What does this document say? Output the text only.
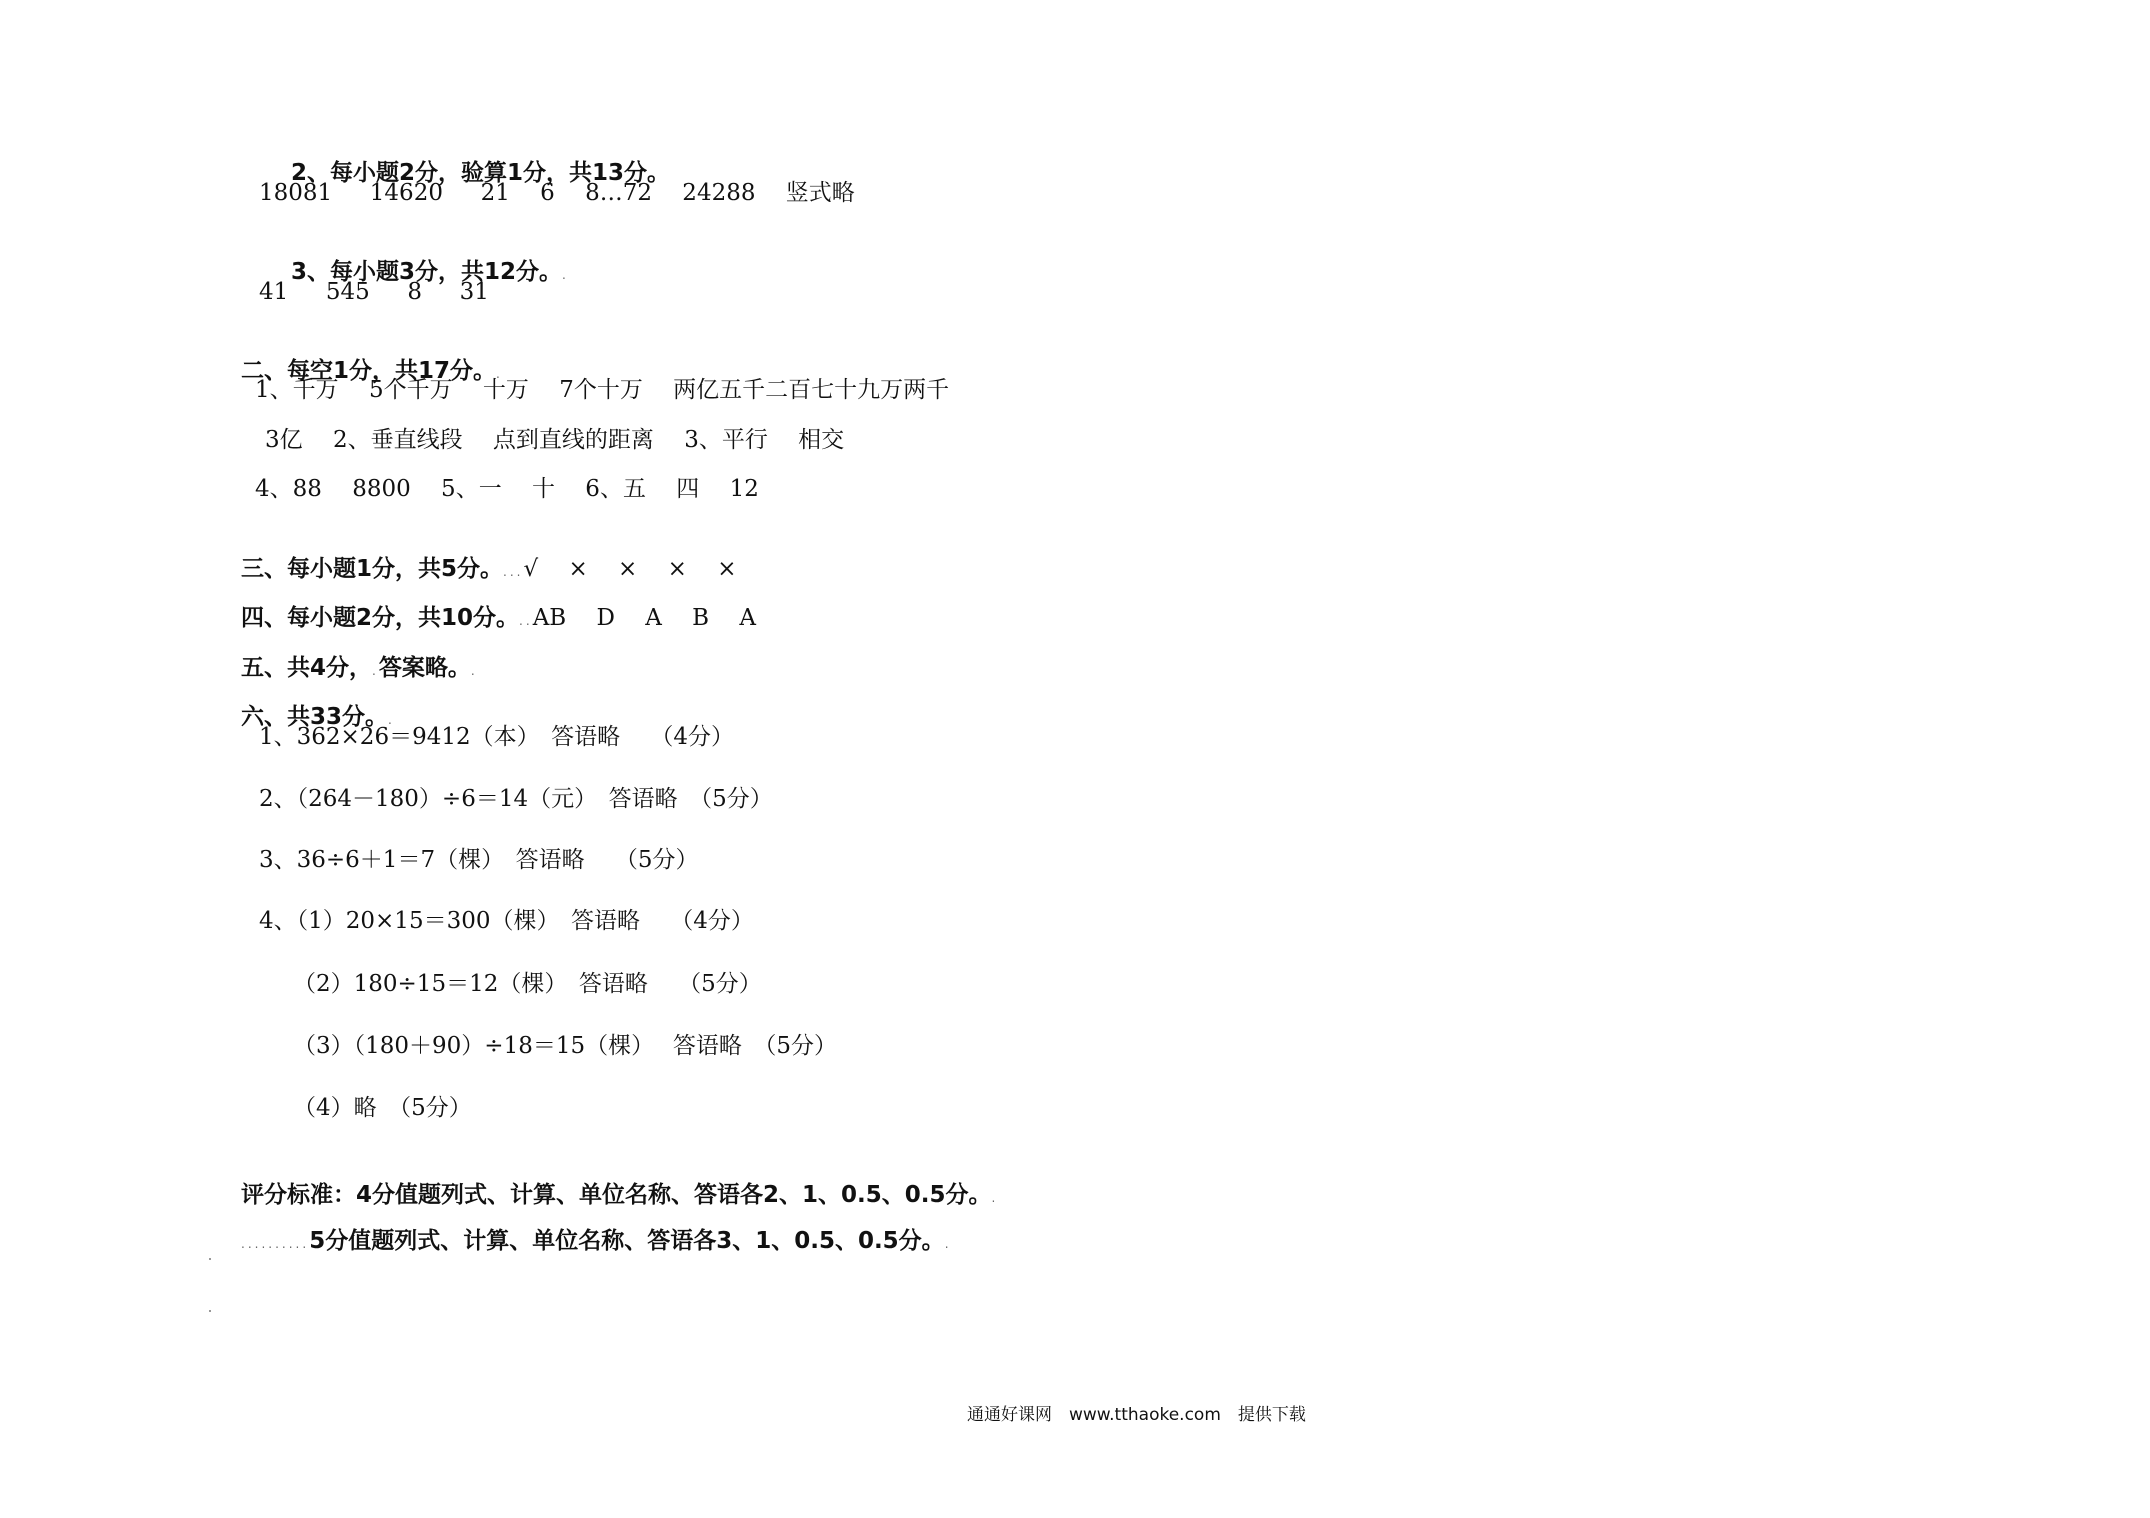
2、每小题2分，验算1分，共13分。

18081　  14620　  21　 6　 8…72　 24288　 竖式略

3、每小题3分，共12分。.

41　  545　  8　  31

二、每空1分，共17分。.

1、千万　 5个千万　 十万　 7个十万　 两亿五千二百七十九万两千
3亿　 2、垂直线段　 点到直线的距离　 3、平行　 相交
4、88　 8800　 5、一　 十　 6、五　 四　 12

三、每小题1分，共5分。...√　 ×　 ×　 ×　 ×

四、每小题2分，共10分。..AB　 D　 A　 B　 A

五、共4分，.答案略。.

六、共33分。.

1、362×26＝9412（本）　答语略　 （4分）
2、（264－180）÷6＝14（元）　答语略　（5分）
3、36÷6＋1＝7（棵）　答语略　 （5分）
4、（1）20×15＝300（棵）　答语略　 （4分）
（2）180÷15＝12（棵）　答语略　 （5分）
（3）（180＋90）÷18＝15（棵）　 答语略　（5分）
（4）略　（5分）

评分标准：4分值题列式、计算、单位名称、答语各2、1、0.5、0.5分。.

..........5分值题列式、计算、单位名称、答语各3、1、0.5、0.5分。.

通通好课网　www.tthaoke.com　提供下载
